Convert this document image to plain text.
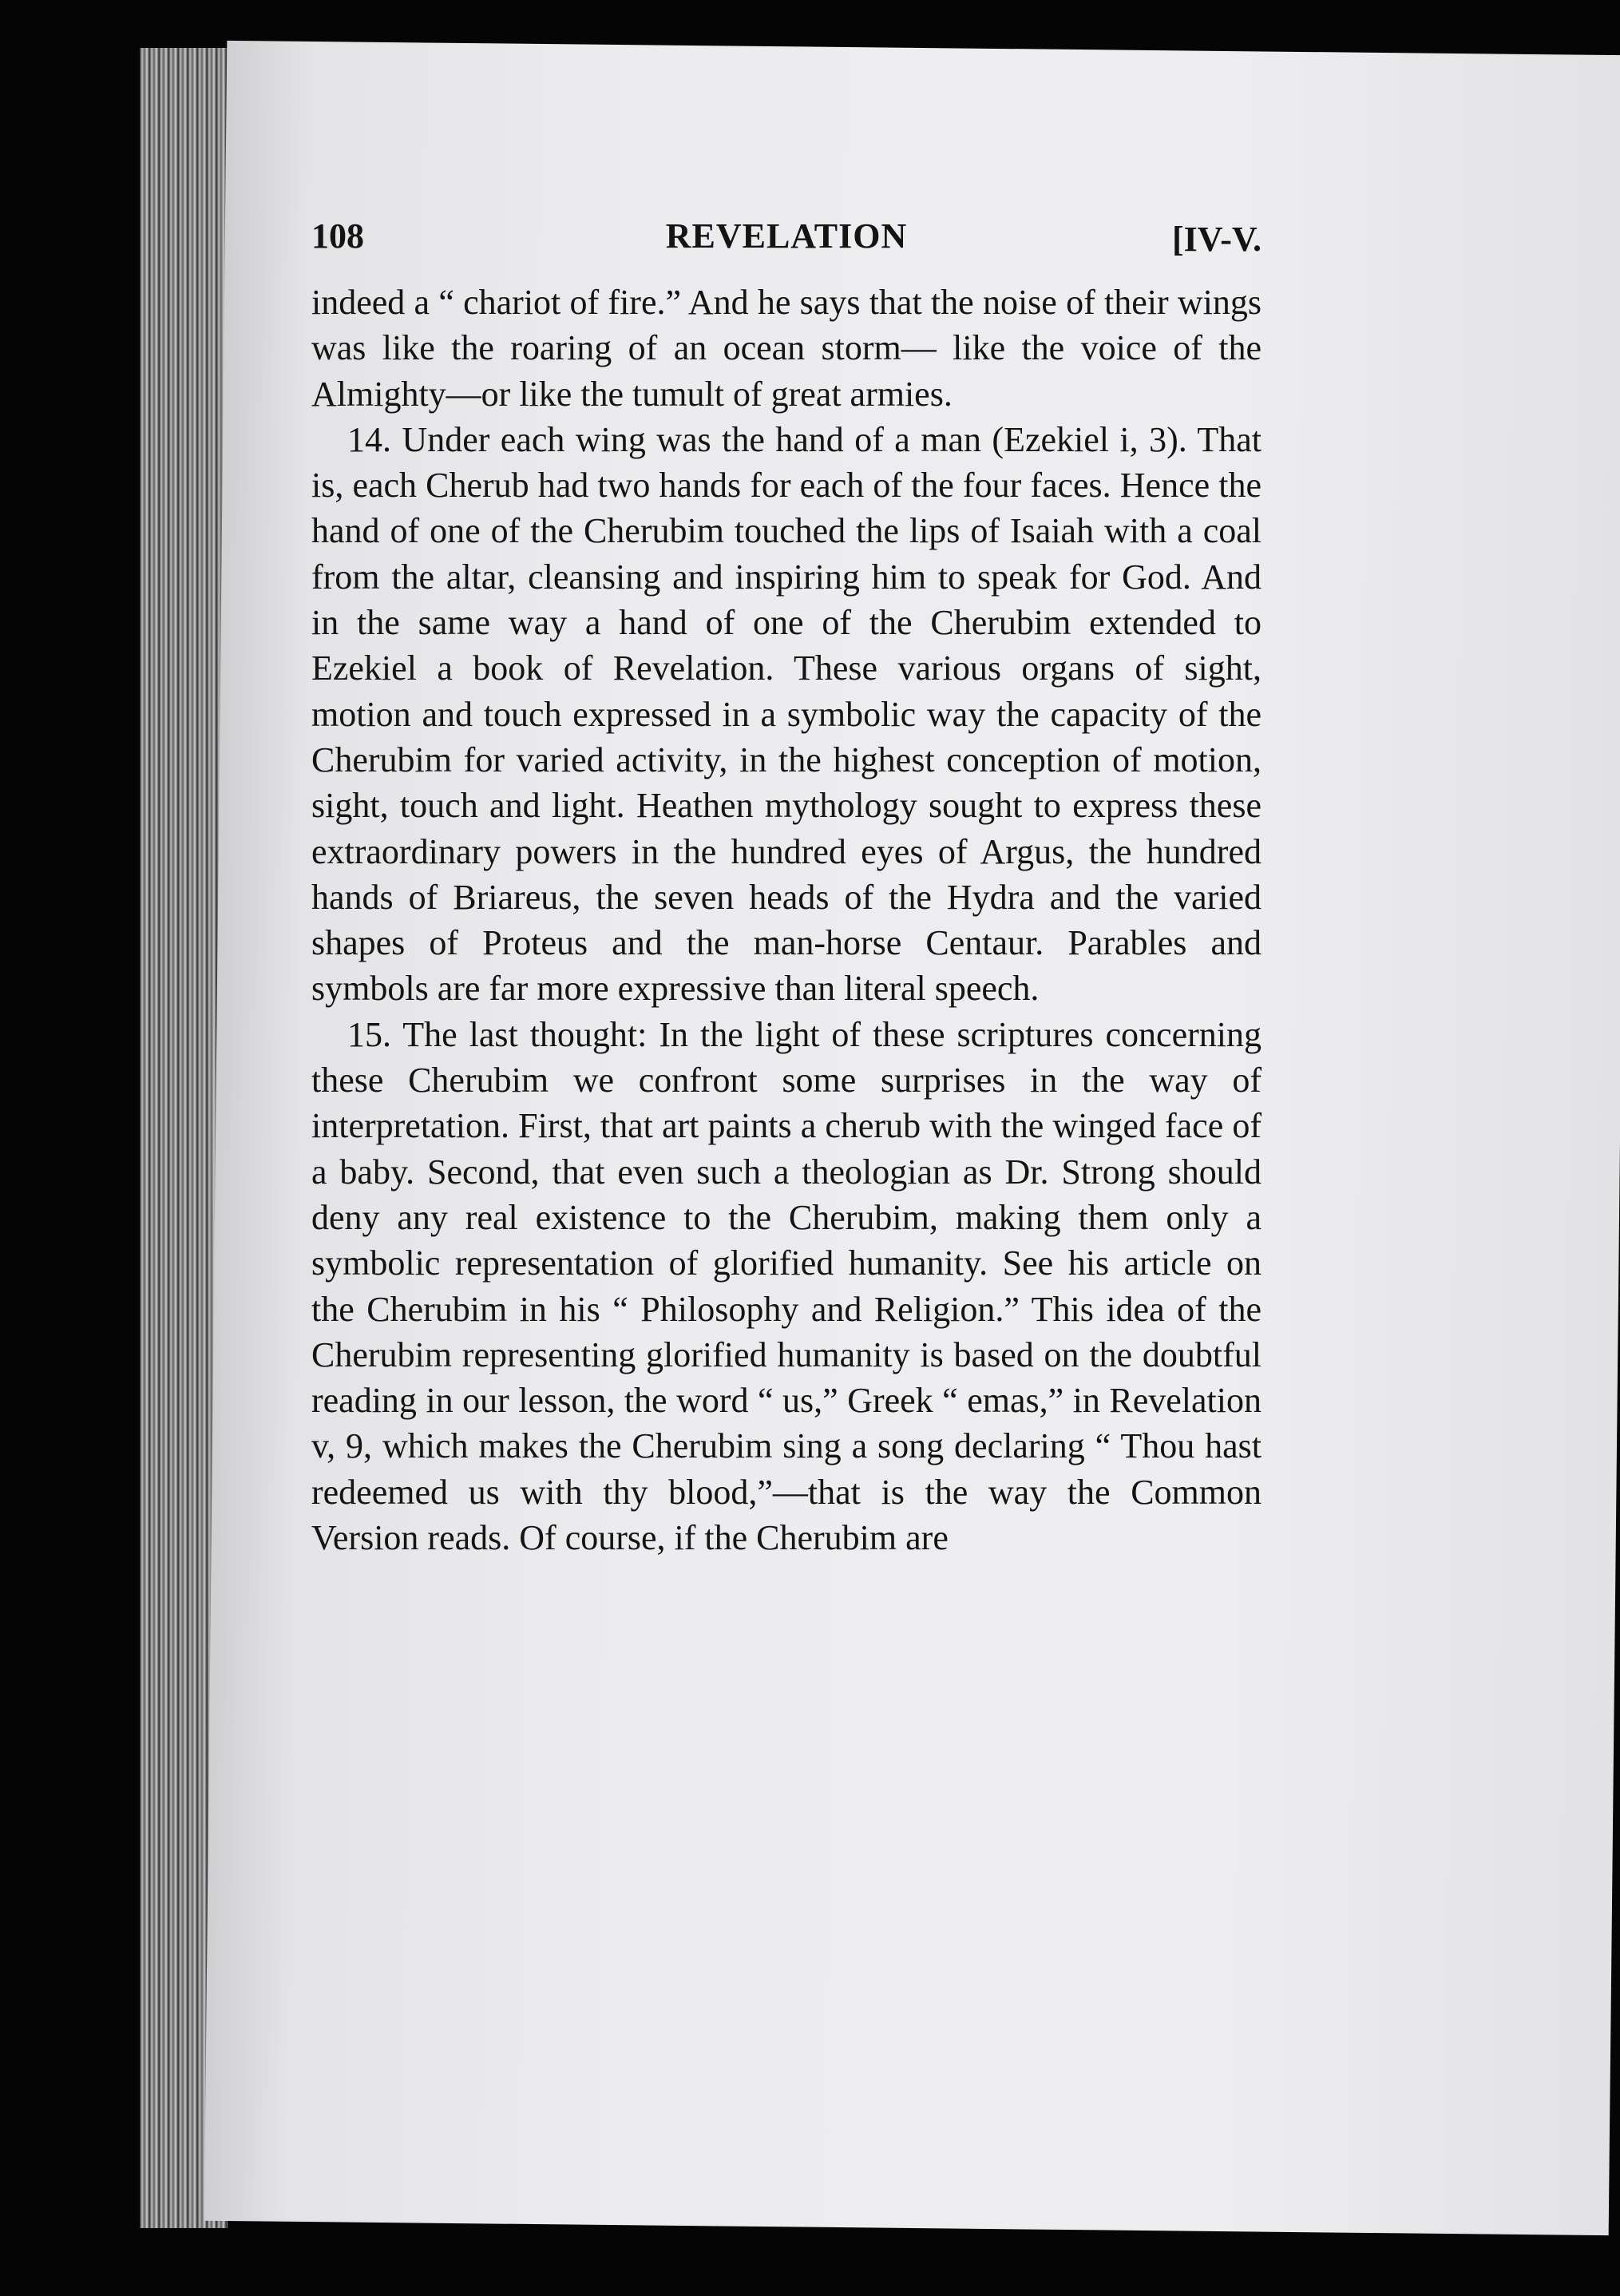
108	REVELATION	[IV-V.

indeed a “ chariot of fire.” And he says that the noise of their wings was like the roaring of an ocean storm— like the voice of the Almighty—or like the tumult of great armies.

14. Under each wing was the hand of a man (Ezekiel i, 3). That is, each Cherub had two hands for each of the four faces. Hence the hand of one of the Cherubim touched the lips of Isaiah with a coal from the altar, cleansing and inspiring him to speak for God. And in the same way a hand of one of the Cherubim extended to Ezekiel a book of Revelation. These various organs of sight, motion and touch expressed in a symbolic way the capacity of the Cherubim for varied activity, in the highest conception of motion, sight, touch and light. Heathen mythology sought to express these extraordinary powers in the hundred eyes of Argus, the hundred hands of Briareus, the seven heads of the Hydra and the varied shapes of Proteus and the man-horse Centaur. Parables and symbols are far more expressive than literal speech.

15. The last thought: In the light of these scriptures concerning these Cherubim we confront some surprises in the way of interpretation. First, that art paints a cherub with the winged face of a baby. Second, that even such a theologian as Dr. Strong should deny any real existence to the Cherubim, making them only a symbolic representation of glorified humanity. See his article on the Cherubim in his “ Philosophy and Religion.” This idea of the Cherubim representing glorified humanity is based on the doubtful reading in our lesson, the word “ us,” Greek “ emas,” in Revelation v, 9, which makes the Cherubim sing a song declaring “ Thou hast redeemed us with thy blood,”—that is the way the Common Version reads. Of course, if the Cherubim are
